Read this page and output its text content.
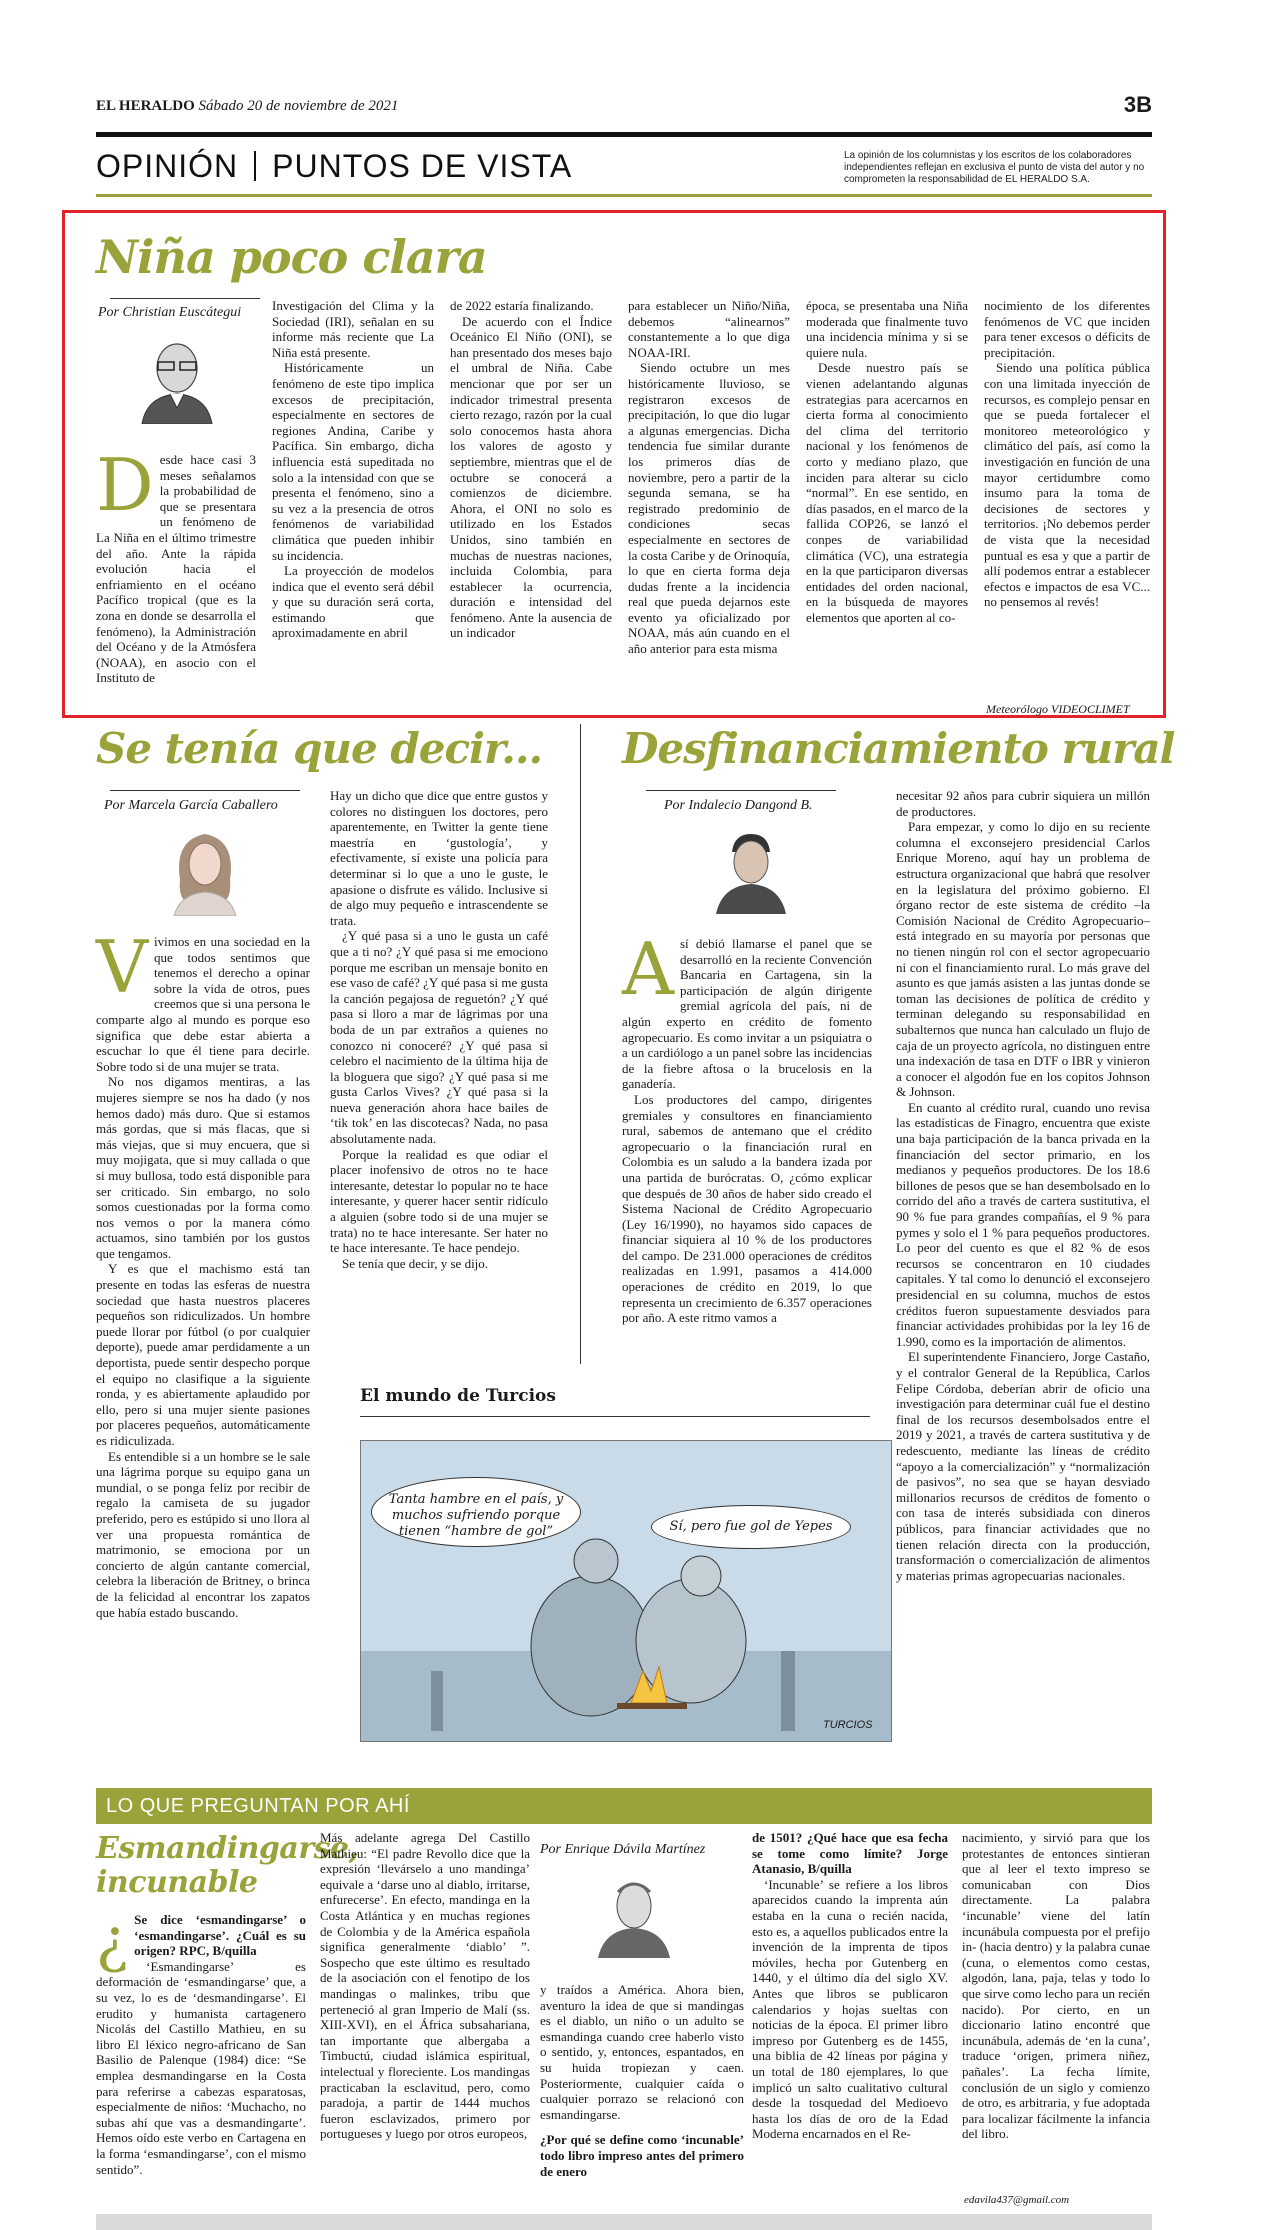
EL HERALDO Sábado 20 de noviembre de 2021	3B
OPINIÓN PUNTOS DE VISTA	La opinión de los columnistas y los escritos de los colaboradores independientes reflejan en exclusiva el punto de vista del autor y no comprometen la responsabilidad de EL HERALDO S.A.
Niña poco clara
Por Christian Euscátegui
Desde hace casi 3 meses señalamos la probabilidad de que se presentara un fenómeno de La Niña en el último trimestre del año. Ante la rápida evolución hacia el enfriamiento en el océano Pacífico tropical (que es la zona en donde se desarrolla el fenómeno), la Administración del Océano y de la Atmósfera (NOAA), en asocio con el Instituto de

Investigación del Clima y la Sociedad (IRI), señalan en su informe más reciente que La Niña está presente.

Históricamente un fenómeno de este tipo implica excesos de precipitación, especialmente en sectores de regiones Andina, Caribe y Pacífica. Sin embargo, dicha influencia está supeditada no solo a la intensidad con que se presenta el fenómeno, sino a su vez a la presencia de otros fenómenos de variabilidad climática que pueden inhibir su incidencia.

La proyección de modelos indica que el evento será débil y que su duración será corta, estimando que aproximadamente en abril

de 2022 estaría finalizando.

De acuerdo con el Índice Oceánico El Niño (ONI), se han presentado dos meses bajo el umbral de Niña. Cabe mencionar que por ser un indicador trimestral presenta cierto rezago, razón por la cual solo conocemos hasta ahora los valores de agosto y septiembre, mientras que el de octubre se conocerá a comienzos de diciembre. Ahora, el ONI no solo es utilizado en los Estados Unidos, sino también en muchas de nuestras naciones, incluida Colombia, para establecer la ocurrencia, duración e intensidad del fenómeno. Ante la ausencia de un indicador

para establecer un Niño/Niña, debemos “alinearnos” constantemente a lo que diga NOAA-IRI.

Siendo octubre un mes históricamente lluvioso, se registraron excesos de precipitación, lo que dio lugar a algunas emergencias. Dicha tendencia fue similar durante los primeros días de noviembre, pero a partir de la segunda semana, se ha registrado predominio de condiciones secas especialmente en sectores de la costa Caribe y de Orinoquía, lo que en cierta forma deja dudas frente a la incidencia real que pueda dejarnos este evento ya oficializado por NOAA, más aún cuando en el año anterior para esta misma

época, se presentaba una Niña moderada que finalmente tuvo una incidencia mínima y si se quiere nula.

Desde nuestro país se vienen adelantando algunas estrategias para acercarnos en cierta forma al conocimiento del clima del territorio nacional y los fenómenos de corto y mediano plazo, que inciden para alterar su ciclo “normal”. En ese sentido, en días pasados, en el marco de la fallida COP26, se lanzó el conpes de variabilidad climática (VC), una estrategia en la que participaron diversas entidades del orden nacional, en la búsqueda de mayores elementos que aporten al co-

nocimiento de los diferentes fenómenos de VC que inciden para tener excesos o déficits de precipitación.

Siendo una política pública con una limitada inyección de recursos, es complejo pensar en que se pueda fortalecer el monitoreo meteorológico y climático del país, así como la investigación en función de una mayor certidumbre como insumo para la toma de decisiones de sectores y territorios. ¡No debemos perder de vista que la necesidad puntual es esa y que a partir de allí podemos entrar a establecer efectos e impactos de esa VC... no pensemos al revés!

Meteorólogo VIDEOCLIMET
Se tenía que decir...
Por Marcela García Caballero
Vivimos en una sociedad en la que todos sentimos que tenemos el derecho a opinar sobre la vida de otros, pues creemos que si una persona le comparte algo al mundo es porque eso significa que debe estar abierta a escuchar lo que él tiene para decirle. Sobre todo si de una mujer se trata.

No nos digamos mentiras, a las mujeres siempre se nos ha dado (y nos hemos dado) más duro. Que si estamos más gordas, que si más flacas, que si más viejas, que si muy encuera, que si muy mojigata, que si muy callada o que si muy bullosa, todo está disponible para ser criticado. Sin embargo, no solo somos cuestionadas por la forma como nos vemos o por la manera cómo actuamos, sino también por los gustos que tengamos.

Y es que el machismo está tan presente en todas las esferas de nuestra sociedad que hasta nuestros placeres pequeños son ridiculizados. Un hombre puede llorar por fútbol (o por cualquier deporte), puede amar perdidamente a un deportista, puede sentir despecho porque el equipo no clasifique a la siguiente ronda, y es abiertamente aplaudido por ello, pero si una mujer siente pasiones por placeres pequeños, automáticamente es ridiculizada.

Es entendible si a un hombre se le sale una lágrima porque su equipo gana un mundial, o se ponga feliz por recibir de regalo la camiseta de su jugador preferido, pero es estúpido si uno llora al ver una propuesta romántica de matrimonio, se emociona por un concierto de algún cantante comercial, celebra la liberación de Britney, o brinca de la felicidad al encontrar los zapatos que había estado buscando.

Hay un dicho que dice que entre gustos y colores no distinguen los doctores, pero aparentemente, en Twitter la gente tiene maestría en ‘gustología’, y efectivamente, sí existe una policía para determinar si lo que a uno le guste, le apasione o disfrute es válido. Inclusive si de algo muy pequeño e intrascendente se trata.

¿Y qué pasa si a uno le gusta un café que a ti no? ¿Y qué pasa si me emociono porque me escriban un mensaje bonito en ese vaso de café? ¿Y qué pasa si me gusta la canción pegajosa de reguetón? ¿Y qué pasa si lloro a mar de lágrimas por una boda de un par extraños a quienes no conozco ni conoceré? ¿Y qué pasa si celebro el nacimiento de la última hija de la bloguera que sigo? ¿Y qué pasa si me gusta Carlos Vives? ¿Y qué pasa si la nueva generación ahora hace bailes de ‘tik tok’ en las discotecas? Nada, no pasa absolutamente nada.

Porque la realidad es que odiar el placer inofensivo de otros no te hace interesante, detestar lo popular no te hace interesante, y querer hacer sentir ridículo a alguien (sobre todo si de una mujer se trata) no te hace interesante. Ser hater no te hace interesante. Te hace pendejo.

Se tenía que decir, y se dijo.

Desfinanciamiento rural
Por Indalecio Dangond B.
Así debió llamarse el panel que se desarrolló en la reciente Convención Bancaria en Cartagena, sin la participación de algún dirigente gremial agrícola del país, ni de algún experto en crédito de fomento agropecuario. Es como invitar a un psiquiatra o a un cardiólogo a un panel sobre las incidencias de la fiebre aftosa o la brucelosis en la ganadería.

Los productores del campo, dirigentes gremiales y consultores en financiamiento rural, sabemos de antemano que el crédito agropecuario o la financiación rural en Colombia es un saludo a la bandera izada por una partida de burócratas. O, ¿cómo explicar que después de 30 años de haber sido creado el Sistema Nacional de Crédito Agropecuario (Ley 16/1990), no hayamos sido capaces de financiar siquiera al 10 % de los productores del campo. De 231.000 operaciones de créditos realizadas en 1.991, pasamos a 414.000 operaciones de crédito en 2019, lo que representa un crecimiento de 6.357 operaciones por año. A este ritmo vamos a

necesitar 92 años para cubrir siquiera un millón de productores.

Para empezar, y como lo dijo en su reciente columna el exconsejero presidencial Carlos Enrique Moreno, aquí hay un problema de estructura organizacional que habrá que resolver en la legislatura del próximo gobierno. El órgano rector de este sistema de crédito –la Comisión Nacional de Crédito Agropecuario– está integrado en su mayoría por personas que no tienen ningún rol con el sector agropecuario ni con el financiamiento rural. Lo más grave del asunto es que jamás asisten a las juntas donde se toman las decisiones de política de crédito y terminan delegando su responsabilidad en subalternos que nunca han calculado un flujo de caja de un proyecto agrícola, no distinguen entre una indexación de tasa en DTF o IBR y vinieron a conocer el algodón fue en los copitos Johnson & Johnson.

En cuanto al crédito rural, cuando uno revisa las estadísticas de Finagro, encuentra que existe una baja participación de la banca privada en la financiación del sector primario, en los medianos y pequeños productores. De los 18.6 billones de pesos que se han desembolsado en lo corrido del año a través de cartera sustitutiva, el 90 % fue para grandes compañías, el 9 % para pymes y solo el 1 % para pequeños productores. Lo peor del cuento es que el 82 % de esos recursos se concentraron en 10 ciudades capitales. Y tal como lo denunció el exconsejero presidencial en su columna, muchos de estos créditos fueron supuestamente desviados para financiar actividades prohibidas por la ley 16 de 1.990, como es la importación de alimentos.

El superintendente Financiero, Jorge Castaño, y el contralor General de la República, Carlos Felipe Córdoba, deberían abrir de oficio una investigación para determinar cuál fue el destino final de los recursos desembolsados entre el 2019 y 2021, a través de cartera sustitutiva y de redescuento, mediante las líneas de crédito “apoyo a la comercialización” y “normalización de pasivos”, no sea que se hayan desviado millonarios recursos de créditos de fomento o con tasa de interés subsidiada con dineros públicos, para financiar actividades que no tienen relación directa con la producción, transformación o comercialización de alimentos y materias primas agropecuarias nacionales.

El mundo de Turcios
Tanta hambre en el país, y muchos sufriendo porque tienen “hambre de gol”	Sí, pero fue gol de Yepes
TURCIOS
LO QUE PREGUNTAN POR AHÍ
Esmandingarse, incunable
¿ Se dice ‘esmandingarse’ o ‘esmandingarse’. ¿Cuál es su origen? RPC, B/quilla

‘Esmandingarse’ es deformación de ‘esmandingarse’ que, a su vez, lo es de ‘desmandingarse’. El erudito y humanista cartagenero Nicolás del Castillo Mathieu, en su libro El léxico negro-africano de San Basilio de Palenque (1984) dice: “Se emplea desmandingarse en la Costa para referirse a cabezas esparatosas, especialmente de niños: ‘Muchacho, no subas ahí que vas a desmandingarte’. Hemos oído este verbo en Cartagena en la forma ‘esmandingarse’, con el mismo sentido”.

Más adelante agrega Del Castillo Mathieu: “El padre Revollo dice que la expresión ‘llevárselo a uno mandinga’ equivale a ‘darse uno al diablo, irritarse, enfurecerse’. En efecto, mandinga en la Costa Atlántica y en muchas regiones de Colombia y de la América española significa generalmente ‘diablo’ ”. Sospecho que este último es resultado de la asociación con el fenotipo de los mandingas o malinkes, tribu que perteneció al gran Imperio de Malí (ss. XIII-XVI), en el África subsahariana, tan importante que albergaba a Timbuctú, ciudad islámica espiritual, intelectual y floreciente. Los mandingas practicaban la esclavitud, pero, como paradoja, a partir de 1444 muchos fueron esclavizados, primero por portugueses y luego por otros europeos,

Por Enrique Dávila Martínez

y traídos a América. Ahora bien, aventuro la idea de que si mandingas es el diablo, un niño o un adulto se esmandinga cuando cree haberlo visto o sentido, y, entonces, espantados, en su huida tropiezan y caen. Posteriormente, cualquier caída o cualquier porrazo se relacionó con esmandingarse.

¿Por qué se define como ‘incunable’ todo libro impreso antes del primero de enero

de 1501? ¿Qué hace que esa fecha se tome como límite? Jorge Atanasio, B/quilla

‘Incunable’ se refiere a los libros aparecidos cuando la imprenta aún estaba en la cuna o recién nacida, esto es, a aquellos publicados entre la invención de la imprenta de tipos móviles, hecha por Gutenberg en 1440, y el último día del siglo XV. Antes que libros se publicaron calendarios y hojas sueltas con noticias de la época. El primer libro impreso por Gutenberg es de 1455, una biblia de 42 líneas por página y un total de 180 ejemplares, lo que implicó un salto cualitativo cultural desde la tosquedad del Medioevo hasta los días de oro de la Edad Moderna encarnados en el Re-

nacimiento, y sirvió para que los protestantes de entonces sintieran que al leer el texto impreso se comunicaban con Dios directamente. La palabra ‘incunable’ viene del latín incunábula compuesta por el prefijo in- (hacia dentro) y la palabra cunae (cuna, o elementos como cestas, algodón, lana, paja, telas y todo lo que sirve como lecho para un recién nacido). Por cierto, en un diccionario latino encontré que incunábula, además de ‘en la cuna’, traduce ‘origen, primera niñez, pañales’. La fecha límite, conclusión de un siglo y comienzo de otro, es arbitraria, y fue adoptada para localizar fácilmente la infancia del libro.

edavila437@gmail.com
